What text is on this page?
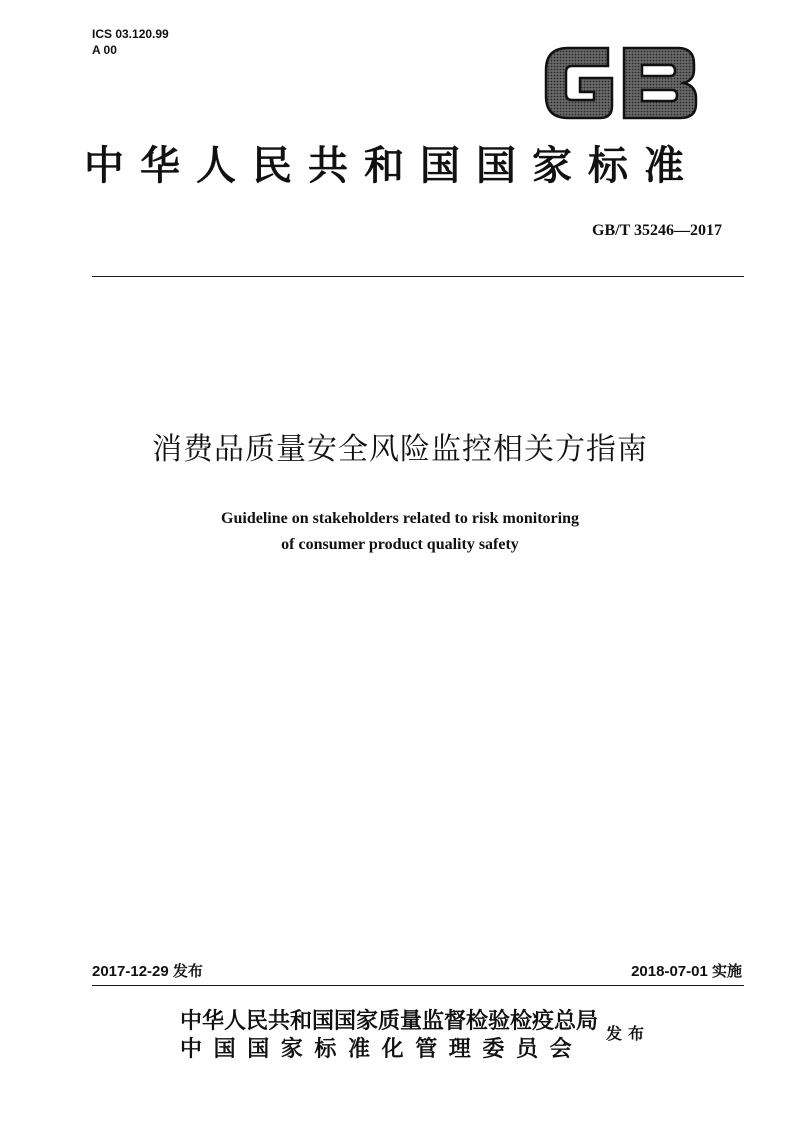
ICS 03.120.99
A 00
中华人民共和国国家标准
GB/T 35246—2017
消费品质量安全风险监控相关方指南
Guideline on stakeholders related to risk monitoring
of consumer product quality safety
2017-12-29 发布	2018-07-01 实施
中华人民共和国国家质量监督检验检疫总局
中国国家标准化管理委员会
发布
